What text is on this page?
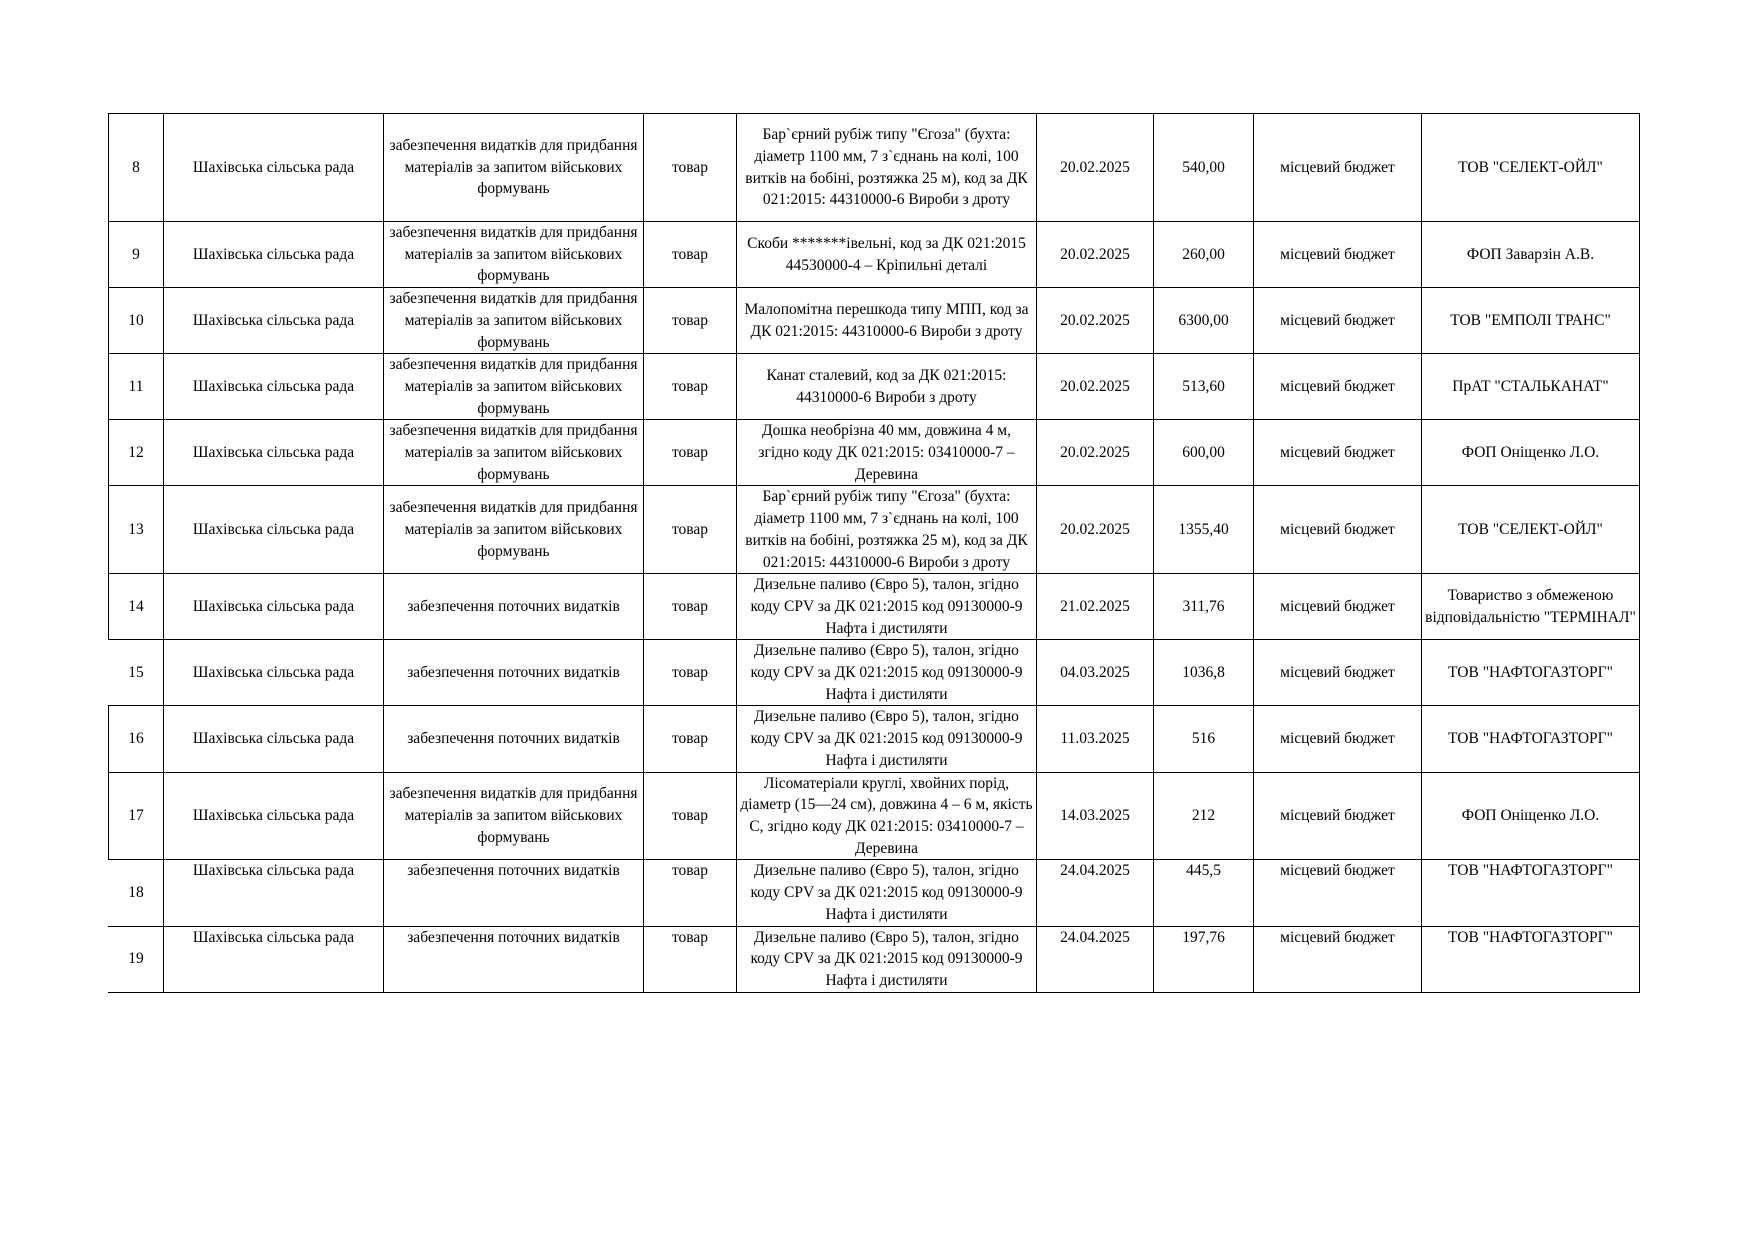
8	Шахівська сільська рада	забезпечення видатків для придбання матеріалів за запитом військових формувань	товар	Бар`єрний рубіж типу "Єгоза" (бухта: діаметр 1100 мм, 7 з`єднань на колі, 100 витків на бобіні, розтяжка 25 м), код за ДК 021:2015: 44310000-6 Вироби з дроту	20.02.2025	540,00	місцевий бюджет	ТОВ "СЕЛЕКТ-ОЙЛ"
9	Шахівська сільська рада	забезпечення видатків для придбання матеріалів за запитом військових формувань	товар	Скоби *******івельні, код за ДК 021:2015 44530000-4 – Кріпильні деталі	20.02.2025	260,00	місцевий бюджет	ФОП Заварзін А.В.
10	Шахівська сільська рада	забезпечення видатків для придбання матеріалів за запитом військових формувань	товар	Малопомітна перешкода типу МПП, код за ДК 021:2015: 44310000-6 Вироби з дроту	20.02.2025	6300,00	місцевий бюджет	ТОВ "ЕМПОЛІ ТРАНС"
11	Шахівська сільська рада	забезпечення видатків для придбання матеріалів за запитом військових формувань	товар	Канат сталевий, код за ДК 021:2015: 44310000-6 Вироби з дроту	20.02.2025	513,60	місцевий бюджет	ПрАТ "СТАЛЬКАНАТ"
12	Шахівська сільська рада	забезпечення видатків для придбання матеріалів за запитом військових формувань	товар	Дошка необрізна 40 мм, довжина 4 м, згідно коду ДК 021:2015: 03410000-7 – Деревина	20.02.2025	600,00	місцевий бюджет	ФОП Оніщенко Л.О.
13	Шахівська сільська рада	забезпечення видатків для придбання матеріалів за запитом військових формувань	товар	Бар`єрний рубіж типу "Єгоза" (бухта: діаметр 1100 мм, 7 з`єднань на колі, 100 витків на бобіні, розтяжка 25 м), код за ДК 021:2015: 44310000-6 Вироби з дроту	20.02.2025	1355,40	місцевий бюджет	ТОВ "СЕЛЕКТ-ОЙЛ"
14	Шахівська сільська рада	забезпечення поточних видатків	товар	Дизельне паливо (Євро 5), талон, згідно коду CPV за ДК 021:2015 код 09130000-9 Нафта і дистиляти	21.02.2025	311,76	місцевий бюджет	Товариство з обмеженою відповідальністю "ТЕРМІНАЛ"
15	Шахівська сільська рада	забезпечення поточних видатків	товар	Дизельне паливо (Євро 5), талон, згідно коду CPV за ДК 021:2015 код 09130000-9 Нафта і дистиляти	04.03.2025	1036,8	місцевий бюджет	ТОВ "НАФТОГАЗТОРГ"
16	Шахівська сільська рада	забезпечення поточних видатків	товар	Дизельне паливо (Євро 5), талон, згідно коду CPV за ДК 021:2015 код 09130000-9 Нафта і дистиляти	11.03.2025	516	місцевий бюджет	ТОВ "НАФТОГАЗТОРГ"
17	Шахівська сільська рада	забезпечення видатків для придбання матеріалів за запитом військових формувань	товар	Лісоматеріали круглі, хвойних порід, діаметр (15—24 см), довжина 4 – 6 м, якість С, згідно коду ДК 021:2015: 03410000-7 – Деревина	14.03.2025	212	місцевий бюджет	ФОП Оніщенко Л.О.
18	Шахівська сільська рада	забезпечення поточних видатків	товар	Дизельне паливо (Євро 5), талон, згідно коду CPV за ДК 021:2015 код 09130000-9 Нафта і дистиляти	24.04.2025	445,5	місцевий бюджет	ТОВ "НАФТОГАЗТОРГ"
19	Шахівська сільська рада	забезпечення поточних видатків	товар	Дизельне паливо (Євро 5), талон, згідно коду CPV за ДК 021:2015 код 09130000-9 Нафта і дистиляти	24.04.2025	197,76	місцевий бюджет	ТОВ "НАФТОГАЗТОРГ"
